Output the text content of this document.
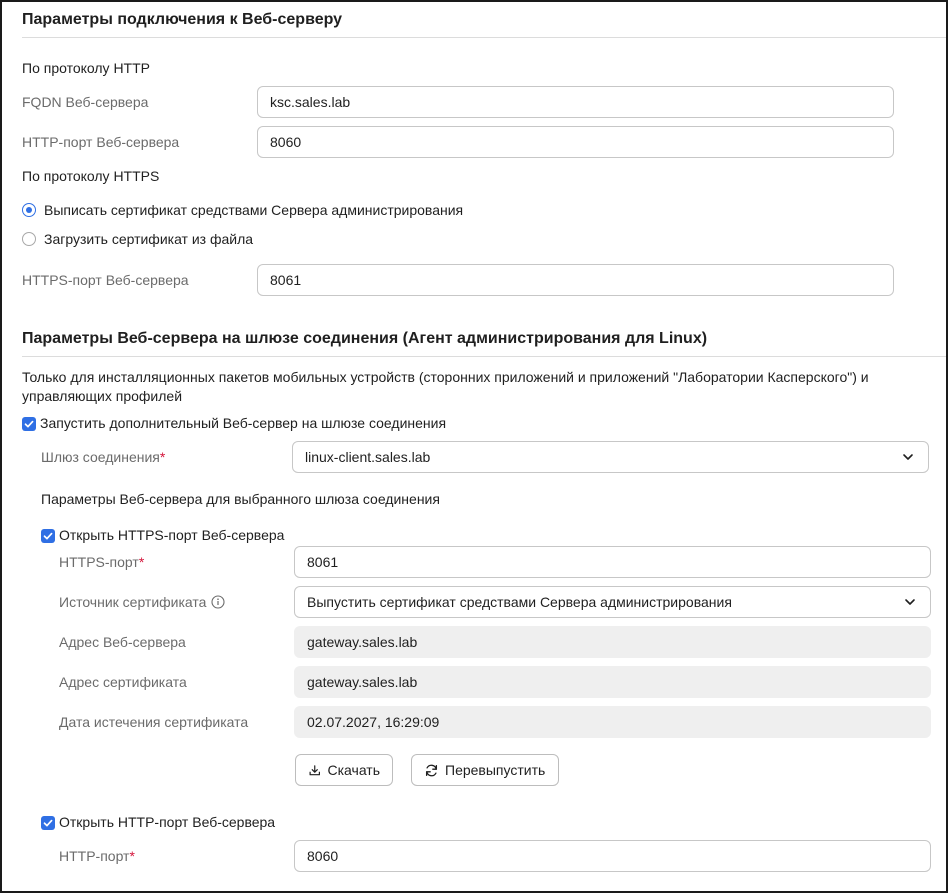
Параметры подключения к Веб-серверу
По протоколу HTTP
FQDN Веб-сервера	ksc.sales.lab
HTTP-порт Веб-сервера	8060
По протоколу HTTPS
Выписать сертификат средствами Сервера администрирования
Загрузить сертификат из файла
HTTPS-порт Веб-сервера	8061
Параметры Веб-сервера на шлюзе соединения (Агент администрирования для Linux)
Только для инсталляционных пакетов мобильных устройств (сторонних приложений и приложений "Лаборатории Касперского") и управляющих профилей
Запустить дополнительный Веб-сервер на шлюзе соединения
Шлюз соединения*	linux-client.sales.lab
Параметры Веб-сервера для выбранного шлюза соединения
Открыть HTTPS-порт Веб-сервера
HTTPS-порт*	8061
Источник сертификата	Выпустить сертификат средствами Сервера администрирования
Адрес Веб-сервера	gateway.sales.lab
Адрес сертификата	gateway.sales.lab
Дата истечения сертификата	02.07.2027, 16:29:09
Скачать	Перевыпустить
Открыть HTTP-порт Веб-сервера
HTTP-порт*	8060
